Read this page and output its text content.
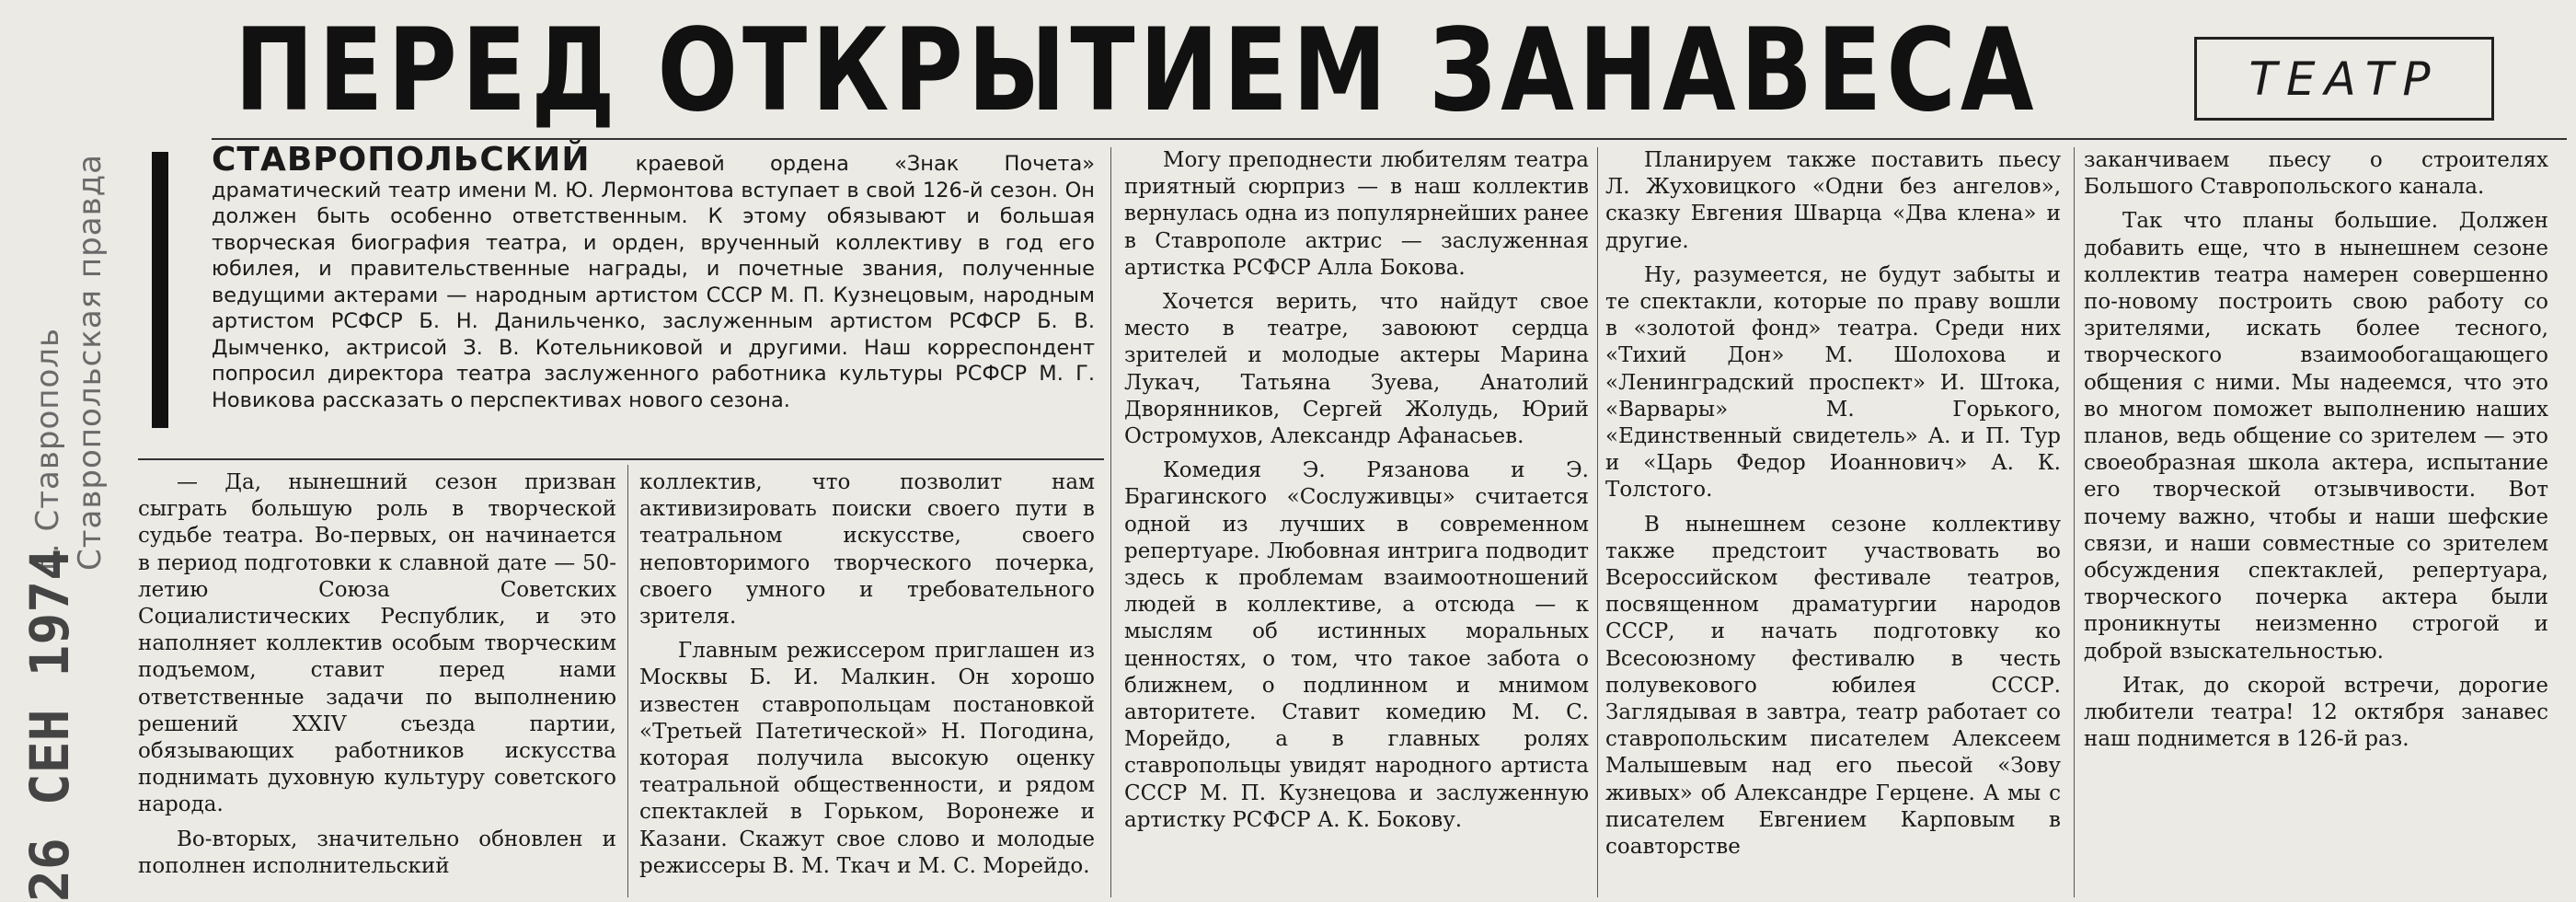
Ставропольская правда
г. Ставрополь
26 СЕН 1974
ПЕРЕД ОТКРЫТИЕМ ЗАНАВЕСА	ТЕАТР
СТАВРОПОЛЬСКИЙ краевой ордена «Знак Почета» драматический театр имени М. Ю. Лермонтова вступает в свой 126-й сезон. Он должен быть особенно ответственным. К этому обязывают и большая творческая биография театра, и орден, врученный коллективу в год его юбилея, и правительственные награды, и почетные звания, полученные ведущими актерами — народным артистом СССР М. П. Кузнецовым, народным артистом РСФСР Б. Н. Данильченко, заслуженным артистом РСФСР Б. В. Дымченко, актрисой З. В. Котельниковой и другими. Наш корреспондент попросил директора театра заслуженного работника культуры РСФСР М. Г. Новикова рассказать о перспективах нового сезона.

— Да, нынешний сезон призван сыграть большую роль в творческой судьбе театра. Во-первых, он начинается в период подготовки к славной дате — 50-летию Союза Советских Социалистических Республик, и это наполняет коллектив особым творческим подъемом, ставит перед нами ответственные задачи по выполнению решений XXIV съезда партии, обязывающих работников искусства поднимать духовную культуру советского народа.

Во-вторых, значительно обновлен и пополнен исполнительский

коллектив, что позволит нам активизировать поиски своего пути в театральном искусстве, своего неповторимого творческого почерка, своего умного и требовательного зрителя.

Главным режиссером приглашен из Москвы Б. И. Малкин. Он хорошо известен ставропольцам постановкой «Третьей Патетической» Н. Погодина, которая получила высокую оценку театральной общественности, и рядом спектаклей в Горьком, Воронеже и Казани. Скажут свое слово и молодые режиссеры В. М. Ткач и М. С. Морейдо.

Могу преподнести любителям театра приятный сюрприз — в наш коллектив вернулась одна из популярнейших ранее в Ставрополе актрис — заслуженная артистка РСФСР Алла Бокова.

Хочется верить, что найдут свое место в театре, завоюют сердца зрителей и молодые актеры Марина Лукач, Татьяна Зуева, Анатолий Дворянников, Сергей Жолудь, Юрий Остромухов, Александр Афанасьев.

Комедия Э. Рязанова и Э. Брагинского «Сослуживцы» считается одной из лучших в современном репертуаре. Любовная интрига подводит здесь к проблемам взаимоотношений людей в коллективе, а отсюда — к мыслям об истинных моральных ценностях, о том, что такое забота о ближнем, о подлинном и мнимом авторитете. Ставит комедию М. С. Морейдо, а в главных ролях ставропольцы увидят народного артиста СССР М. П. Кузнецова и заслуженную артистку РСФСР А. К. Бокову.

Планируем также поставить пьесу Л. Жуховицкого «Одни без ангелов», сказку Евгения Шварца «Два клена» и другие.

Ну, разумеется, не будут забыты и те спектакли, которые по праву вошли в «золотой фонд» театра. Среди них «Тихий Дон» М. Шолохова и «Ленинградский проспект» И. Штока, «Варвары» М. Горького, «Единственный свидетель» А. и П. Тур и «Царь Федор Иоаннович» А. К. Толстого.

В нынешнем сезоне коллективу также предстоит участвовать во Всероссийском фестивале театров, посвященном драматургии народов СССР, и начать подготовку ко Всесоюзному фестивалю в честь полувекового юбилея СССР. Заглядывая в завтра, театр работает со ставропольским писателем Алексеем Малышевым над его пьесой «Зову живых» об Александре Герцене. А мы с писателем Евгением Карповым в соавторстве

заканчиваем пьесу о строителях Большого Ставропольского канала.

Так что планы большие. Должен добавить еще, что в нынешнем сезоне коллектив театра намерен совершенно по-новому построить свою работу со зрителями, искать более тесного, творческого взаимообогащающего общения с ними. Мы надеемся, что это во многом поможет выполнению наших планов, ведь общение со зрителем — это своеобразная школа актера, испытание его творческой отзывчивости. Вот почему важно, чтобы и наши шефские связи, и наши совместные со зрителем обсуждения спектаклей, репертуара, творческого почерка актера были проникнуты неизменно строгой и доброй взыскательностью.

Итак, до скорой встречи, дорогие любители театра! 12 октября занавес наш поднимется в 126-й раз.
